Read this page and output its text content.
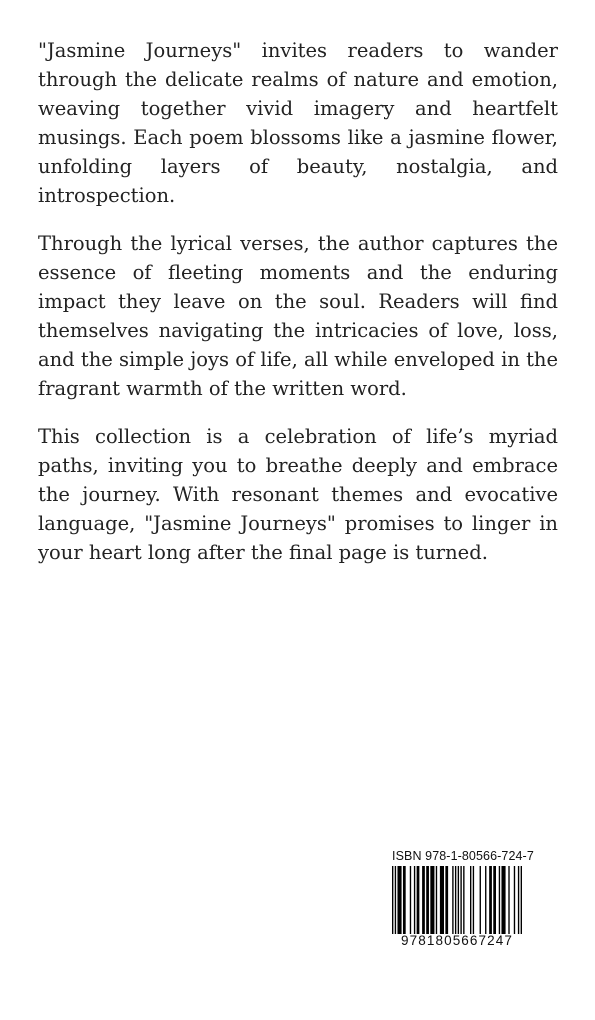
"Jasmine Journeys" invites readers to wander through the delicate realms of nature and emotion, weaving together vivid imagery and heartfelt musings. Each poem blossoms like a jasmine flower, unfolding layers of beauty, nostalgia, and introspection.

Through the lyrical verses, the author captures the essence of fleeting moments and the enduring impact they leave on the soul. Readers will find themselves navigating the intricacies of love, loss, and the simple joys of life, all while enveloped in the fragrant warmth of the written word.

This collection is a celebration of life’s myriad paths, inviting you to breathe deeply and embrace the journey. With resonant themes and evocative language, "Jasmine Journeys" promises to linger in your heart long after the final page is turned.

ISBN 978-1-80566-724-7
9781805667247
